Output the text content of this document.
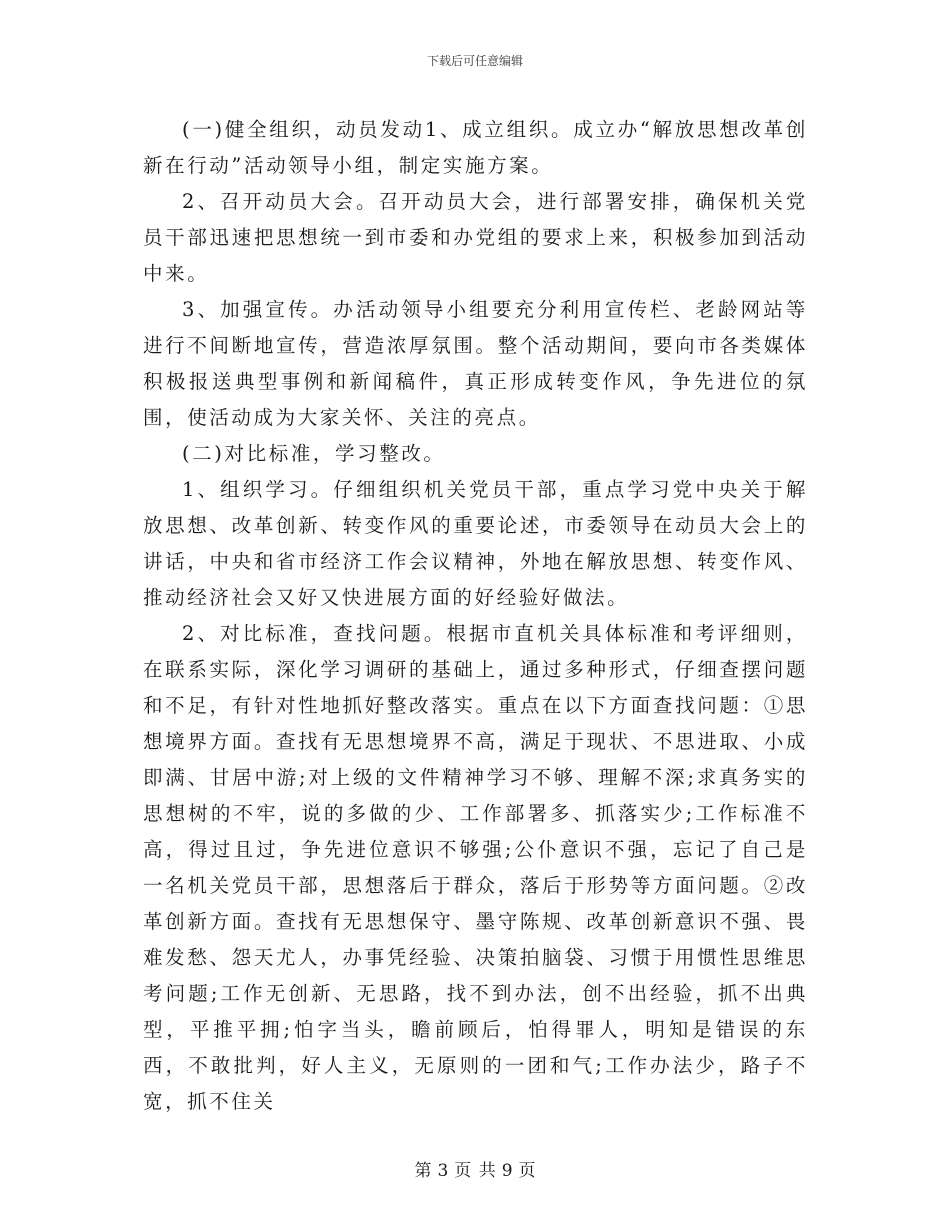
下载后可任意编辑

(一)健全组织，动员发动1、成立组织。成立办“解放思想改革创新在行动”活动领导小组，制定实施方案。

2、召开动员大会。召开动员大会，进行部署安排，确保机关党员干部迅速把思想统一到市委和办党组的要求上来，积极参加到活动中来。

3、加强宣传。办活动领导小组要充分利用宣传栏、老龄网站等进行不间断地宣传，营造浓厚氛围。整个活动期间，要向市各类媒体积极报送典型事例和新闻稿件，真正形成转变作风，争先进位的氛围，使活动成为大家关怀、关注的亮点。

(二)对比标准，学习整改。

1、组织学习。仔细组织机关党员干部，重点学习党中央关于解放思想、改革创新、转变作风的重要论述，市委领导在动员大会上的讲话，中央和省市经济工作会议精神，外地在解放思想、转变作风、推动经济社会又好又快进展方面的好经验好做法。

2、对比标准，查找问题。根据市直机关具体标准和考评细则，在联系实际，深化学习调研的基础上，通过多种形式，仔细查摆问题和不足，有针对性地抓好整改落实。重点在以下方面查找问题：①思想境界方面。查找有无思想境界不高，满足于现状、不思进取、小成即满、甘居中游;对上级的文件精神学习不够、理解不深;求真务实的思想树的不牢，说的多做的少、工作部署多、抓落实少;工作标准不高，得过且过，争先进位意识不够强;公仆意识不强，忘记了自己是一名机关党员干部，思想落后于群众，落后于形势等方面问题。②改革创新方面。查找有无思想保守、墨守陈规、改革创新意识不强、畏难发愁、怨天尤人，办事凭经验、决策拍脑袋、习惯于用惯性思维思考问题;工作无创新、无思路，找不到办法，创不出经验，抓不出典型，平推平拥;怕字当头，瞻前顾后，怕得罪人，明知是错误的东西，不敢批判，好人主义，无原则的一团和气;工作办法少，路子不宽，抓不住关

第 3 页 共 9 页
